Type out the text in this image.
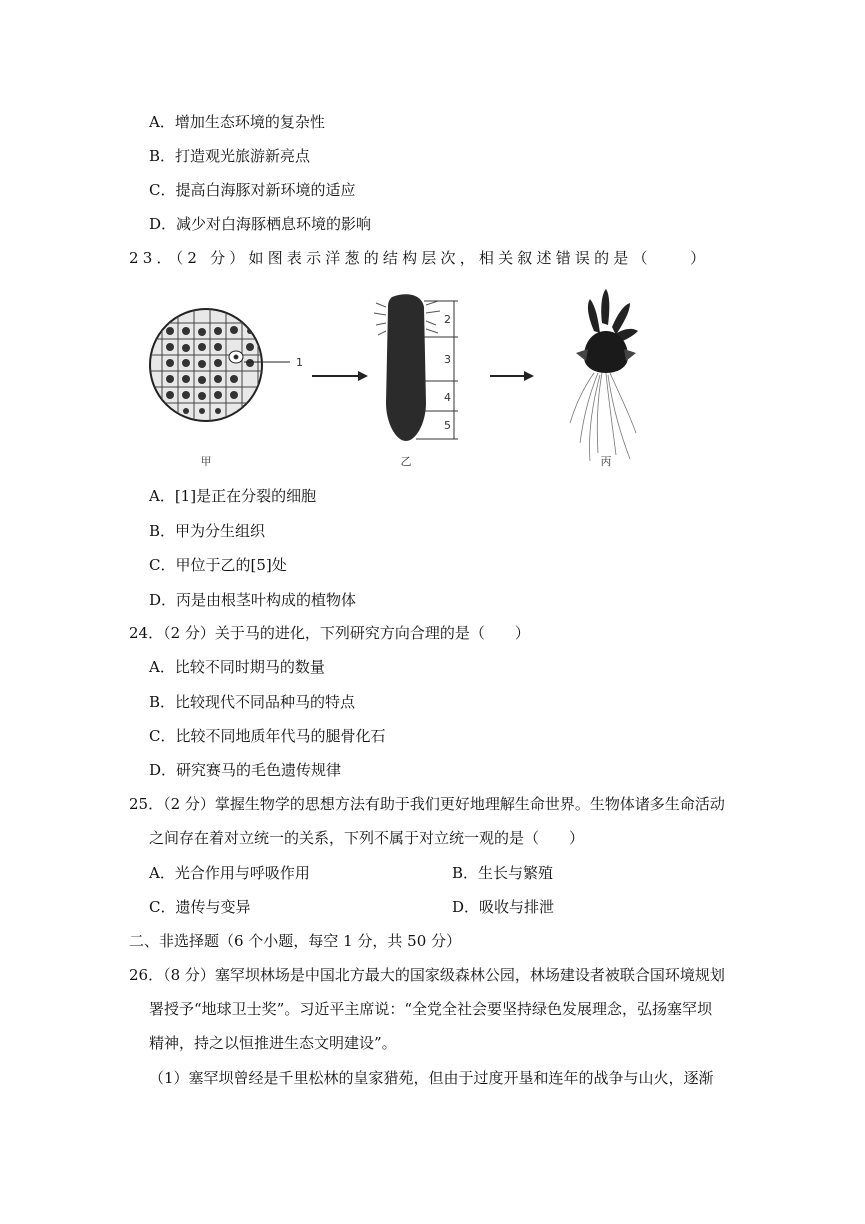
A．增加生态环境的复杂性
B．打造观光旅游新亮点
C．提高白海豚对新环境的适应
D．减少对白海豚栖息环境的影响
23．（2 分）如图表示洋葱的结构层次，相关叙述错误的是（　　）
1
甲
2
3
4
5
乙	丙
A．[1]是正在分裂的细胞
B．甲为分生组织
C．甲位于乙的[5]处
D．丙是由根茎叶构成的植物体
24．（2 分）关于马的进化，下列研究方向合理的是（　　）
A．比较不同时期马的数量
B．比较现代不同品种马的特点
C．比较不同地质年代马的腿骨化石
D．研究赛马的毛色遗传规律
25．（2 分）掌握生物学的思想方法有助于我们更好地理解生命世界。生物体诸多生命活动
之间存在着对立统一的关系，下列不属于对立统一观的是（　　）
A．光合作用与呼吸作用	B．生长与繁殖
C．遗传与变异	D．吸收与排泄
二、非选择题（6 个小题，每空 1 分，共 50 分）
26．（8 分）塞罕坝林场是中国北方最大的国家级森林公园，林场建设者被联合国环境规划
署授予“地球卫士奖”。习近平主席说：“全党全社会要坚持绿色发展理念，弘扬塞罕坝
精神，持之以恒推进生态文明建设”。
（1）塞罕坝曾经是千里松林的皇家猎苑，但由于过度开垦和连年的战争与山火，逐渐
